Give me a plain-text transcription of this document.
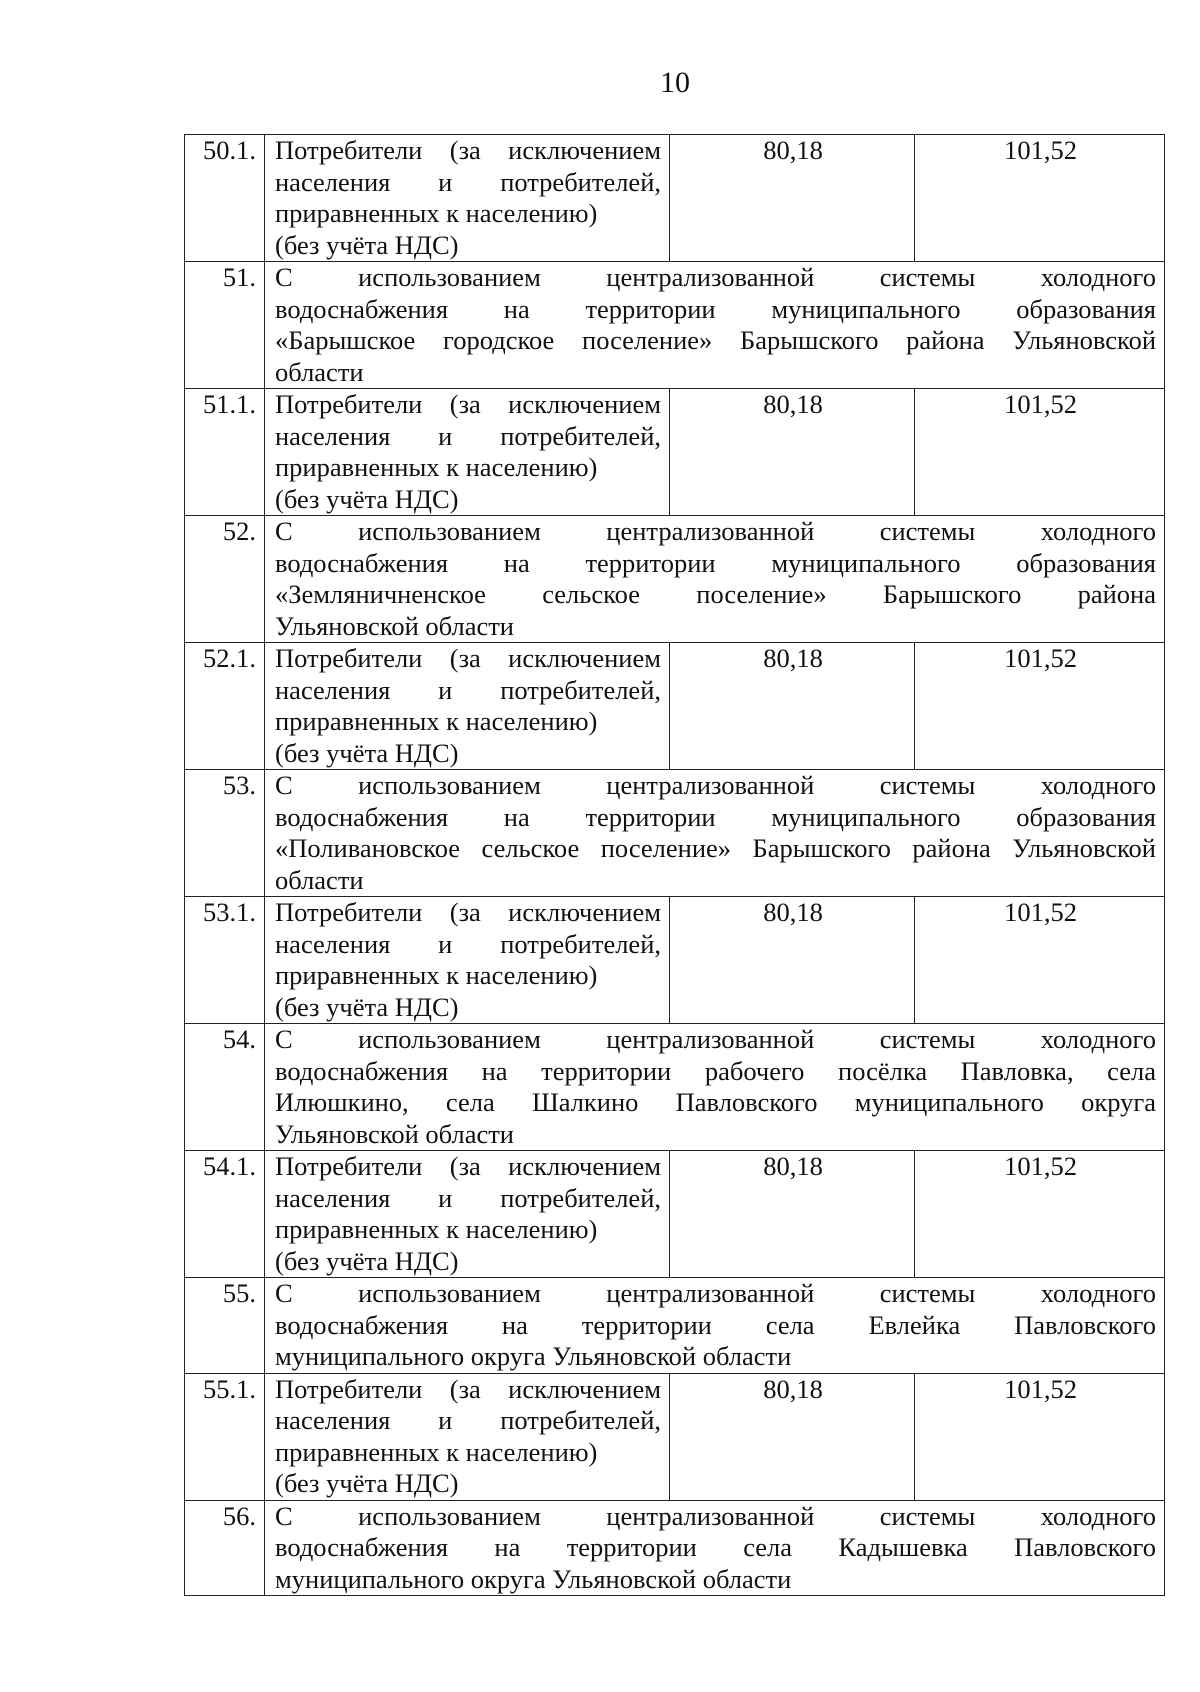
10
50.1.	Потребители (за исключением
населения и потребителей,
приравненных к населению)
(без учёта НДС)	80,18	101,52
51.	С использованием централизованной системы холодного
водоснабжения на территории муниципального образования
«Барышское городское поселение» Барышского района Ульяновской
области		

51.1.	Потребители (за исключением
населения и потребителей,
приравненных к населению)
(без учёта НДС)	80,18	101,52
52.	С использованием централизованной системы холодного
водоснабжения на территории муниципального образования
«Земляничненское сельское поселение» Барышского района
Ульяновской области		

52.1.	Потребители (за исключением
населения и потребителей,
приравненных к населению)
(без учёта НДС)	80,18	101,52
53.	С использованием централизованной системы холодного
водоснабжения на территории муниципального образования
«Поливановское сельское поселение» Барышского района Ульяновской
области		

53.1.	Потребители (за исключением
населения и потребителей,
приравненных к населению)
(без учёта НДС)	80,18	101,52
54.	С использованием централизованной системы холодного
водоснабжения на территории рабочего посёлка Павловка, села
Илюшкино, села Шалкино Павловского муниципального округа
Ульяновской области		

54.1.	Потребители (за исключением
населения и потребителей,
приравненных к населению)
(без учёта НДС)	80,18	101,52
55.	С использованием централизованной системы холодного
водоснабжения на территории села Евлейка Павловского
муниципального округа Ульяновской области		

55.1.	Потребители (за исключением
населения и потребителей,
приравненных к населению)
(без учёта НДС)	80,18	101,52
56.	С использованием централизованной системы холодного
водоснабжения на территории села Кадышевка Павловского
муниципального округа Ульяновской области		
